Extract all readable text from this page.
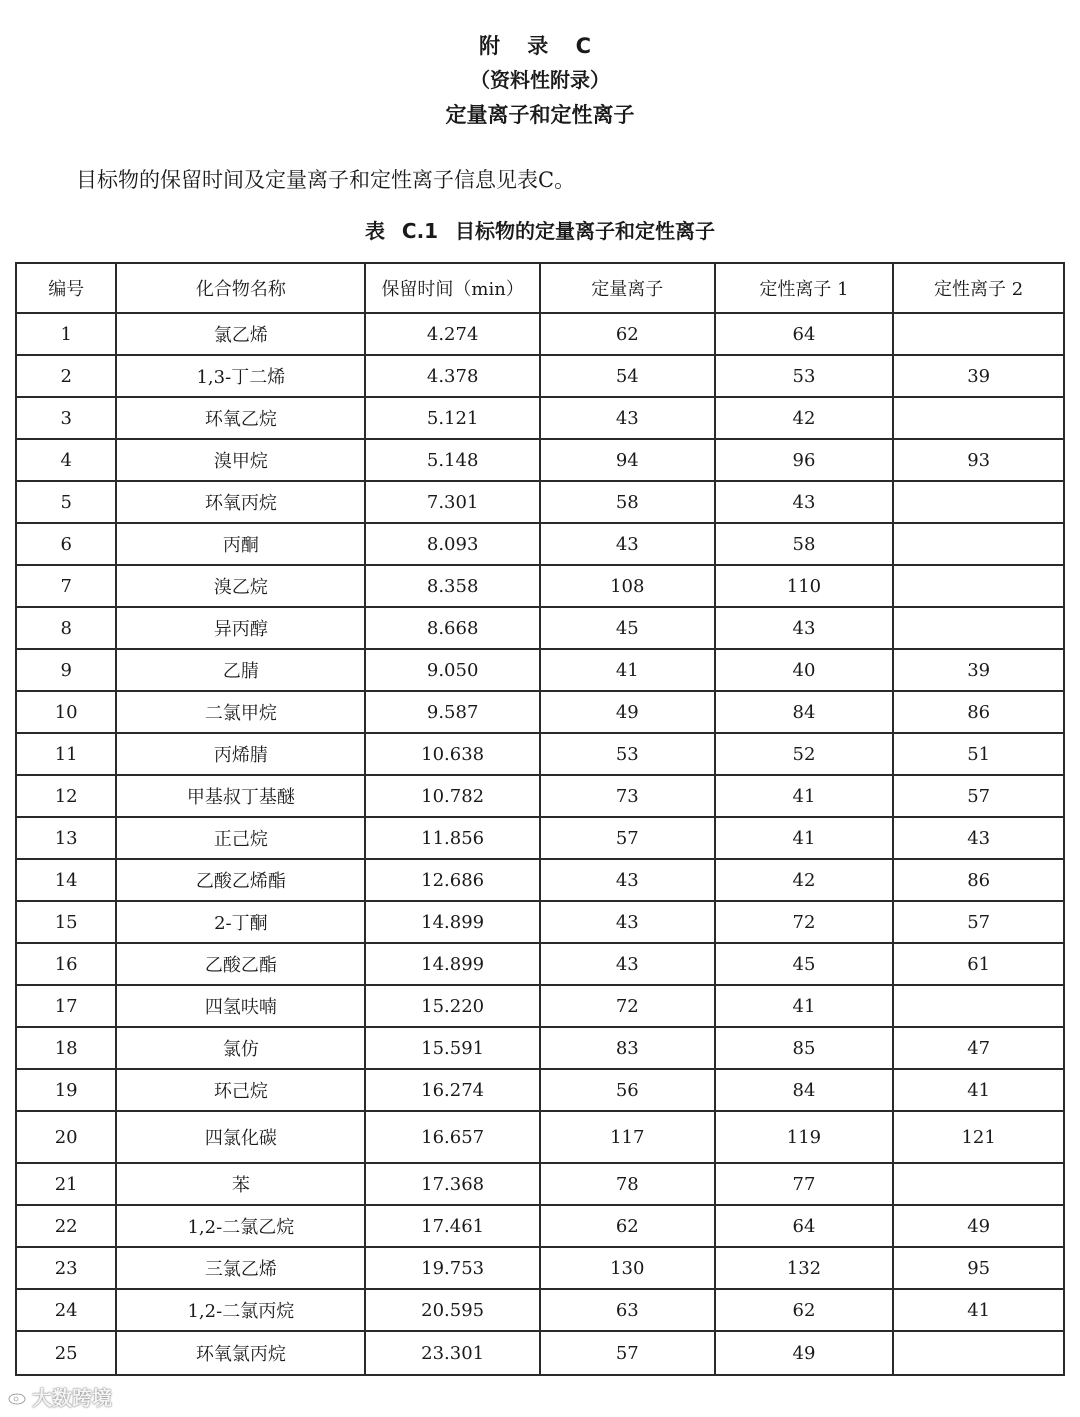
附 录 C
（资料性附录）
定量离子和定性离子
目标物的保留时间及定量离子和定性离子信息见表C。
表 C.1 目标物的定量离子和定性离子
编号	化合物名称	保留时间（min）	定量离子	定性离子 1	定性离子 2
1	氯乙烯	4.274	62	64	
2	1,3-丁二烯	4.378	54	53	39
3	环氧乙烷	5.121	43	42	
4	溴甲烷	5.148	94	96	93
5	环氧丙烷	7.301	58	43	
6	丙酮	8.093	43	58	
7	溴乙烷	8.358	108	110	
8	异丙醇	8.668	45	43	
9	乙腈	9.050	41	40	39
10	二氯甲烷	9.587	49	84	86
11	丙烯腈	10.638	53	52	51
12	甲基叔丁基醚	10.782	73	41	57
13	正己烷	11.856	57	41	43
14	乙酸乙烯酯	12.686	43	42	86
15	2-丁酮	14.899	43	72	57
16	乙酸乙酯	14.899	43	45	61
17	四氢呋喃	15.220	72	41	
18	氯仿	15.591	83	85	47
19	环己烷	16.274	56	84	41
20	四氯化碳	16.657	117	119	121
21	苯	17.368	78	77	
22	1,2-二氯乙烷	17.461	62	64	49
23	三氯乙烯	19.753	130	132	95
24	1,2-二氯丙烷	20.595	63	62	41
25	环氧氯丙烷	23.301	57	49	
大数跨境
